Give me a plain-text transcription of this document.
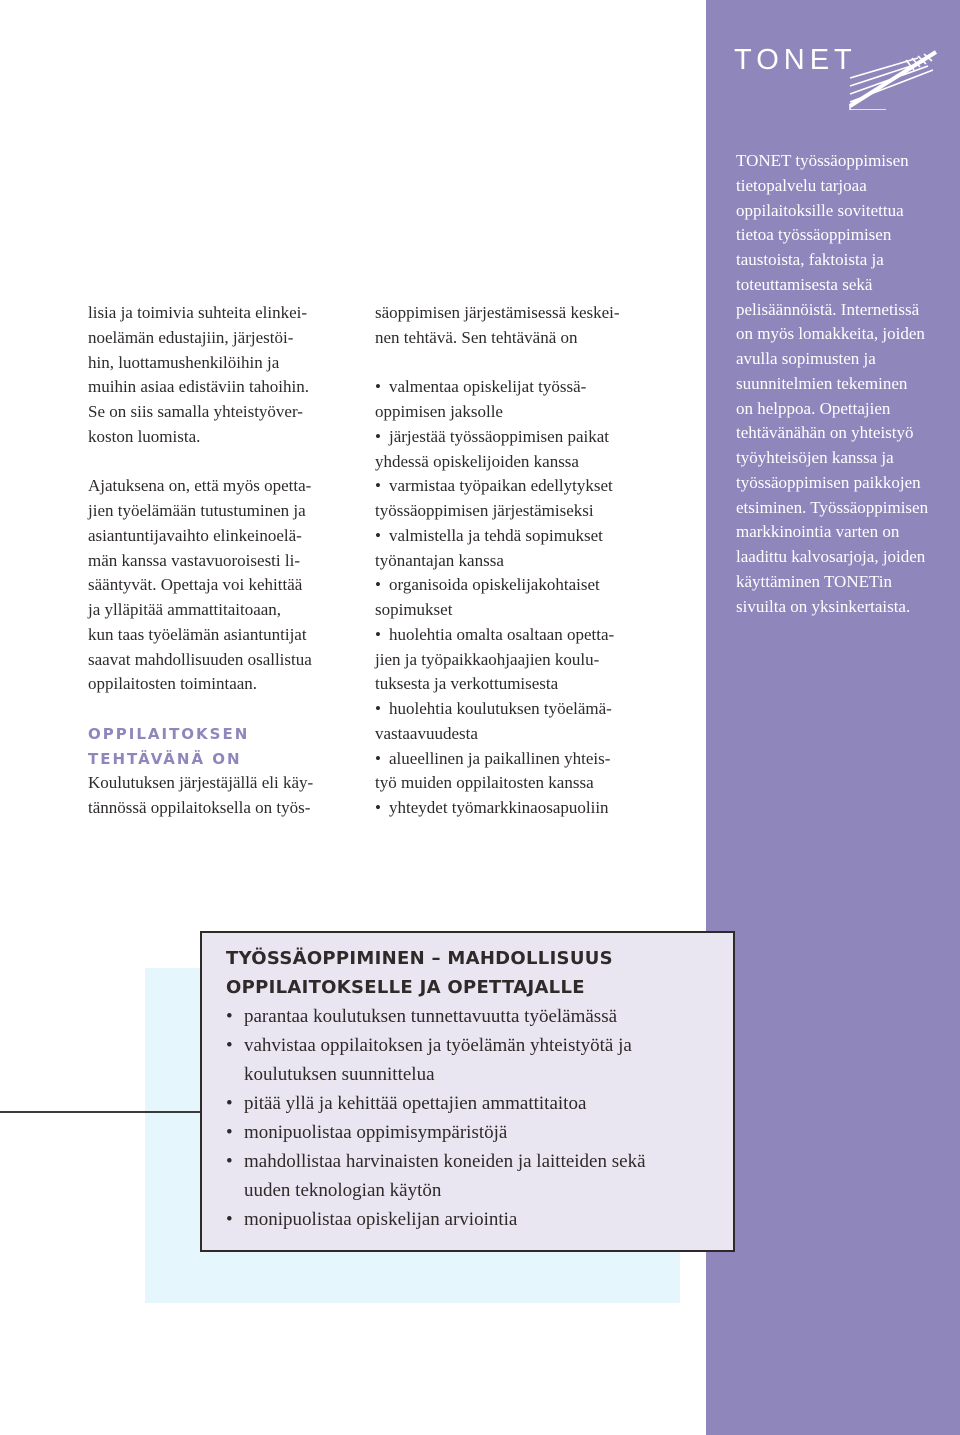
TONET
TONET työssäoppimisen
tietopalvelu tarjoaa
oppilaitoksille sovitettua
tietoa työssäoppimisen
taustoista, faktoista ja
toteuttamisesta sekä
pelisäännöistä. Internetissä
on myös lomakkeita, joiden
avulla sopimusten ja
suunnitelmien tekeminen
on helppoa. Opettajien
tehtävänähän on yhteistyö
työyhteisöjen kanssa ja
työssäoppimisen paikkojen
etsiminen. Työssäoppimisen
markkinointia varten on
laadittu kalvosarjoja, joiden
käyttäminen TONETin
sivuilta on yksinkertaista.

lisia ja toimivia suhteita elinkei-
noelämän edustajiin, järjestöi-
hin, luottamushenkilöihin ja
muihin asiaa edistäviin tahoihin.
Se on siis samalla yhteistyöver-
koston luomista.

Ajatuksena on, että myös opetta-
jien työelämään tutustuminen ja
asiantuntijavaihto elinkeinoelä-
män kanssa vastavuoroisesti li-
sääntyvät. Opettaja voi kehittää
ja ylläpitää ammattitaitoaan,
kun taas työelämän asiantuntijat
saavat mahdollisuuden osallistua
oppilaitosten toimintaan.

OPPILAITOKSEN
TEHTÄVÄNÄ ON

Koulutuksen järjestäjällä eli käy-
tännössä oppilaitoksella on työs-

säoppimisen järjestämisessä keskei-
nen tehtävä. Sen tehtävänä on

• valmentaa opiskelijat työssä-
oppimisen jaksolle
• järjestää työssäoppimisen paikat
yhdessä opiskelijoiden kanssa
• varmistaa työpaikan edellytykset
työssäoppimisen järjestämiseksi
• valmistella ja tehdä sopimukset
työnantajan kanssa
• organisoida opiskelijakohtaiset
sopimukset
• huolehtia omalta osaltaan opetta-
jien ja työpaikkaohjaajien koulu-
tuksesta ja verkottumisesta
• huolehtia koulutuksen työelämä-
vastaavuudesta
• alueellinen ja paikallinen yhteis-
työ muiden oppilaitosten kanssa
• yhteydet työmarkkinaosapuoliin
TYÖSSÄOPPIMINEN – MAHDOLLISUUS
OPPILAITOKSELLE JA OPETTAJALLE
• parantaa koulutuksen tunnettavuutta työelämässä
• vahvistaa oppilaitoksen ja työelämän yhteistyötä ja
koulutuksen suunnittelua
• pitää yllä ja kehittää opettajien ammattitaitoa
• monipuolistaa oppimisympäristöjä
• mahdollistaa harvinaisten koneiden ja laitteiden sekä
uuden teknologian käytön
• monipuolistaa opiskelijan arviointia
